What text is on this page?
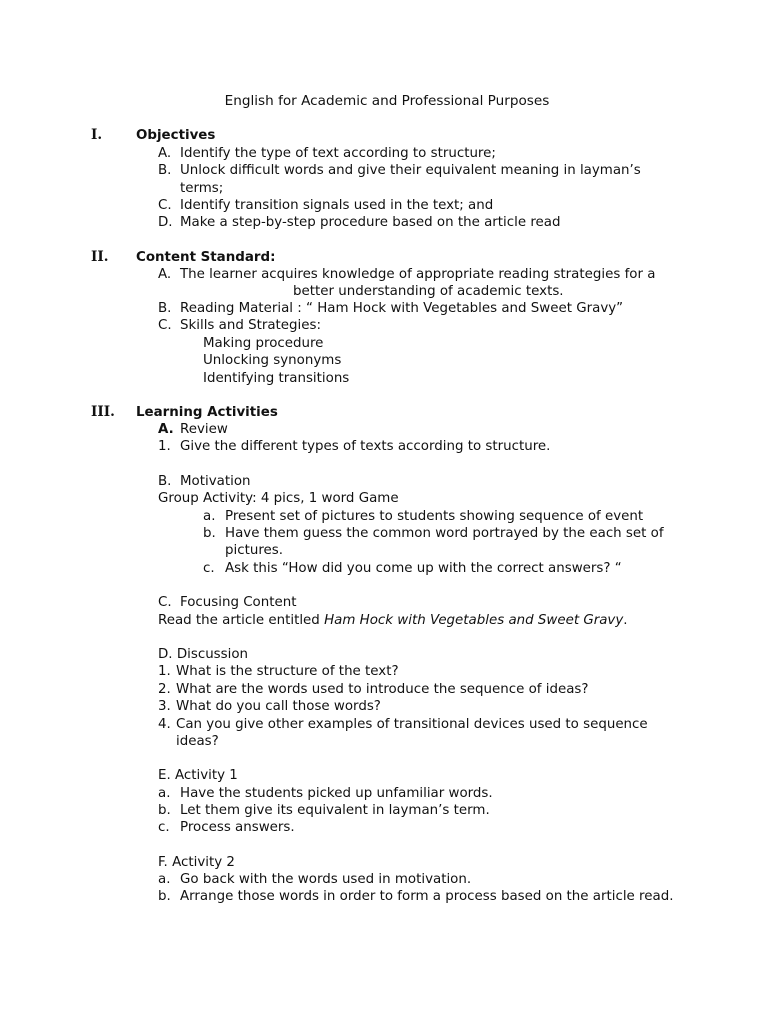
English for Academic and Professional Purposes
I.	Objectives
A. Identify the type of text according to structure;
B. Unlock difficult words and give their equivalent meaning in layman’s
terms;
C. Identify transition signals used in the text; and
D. Make a step-by-step procedure based on the article read
II. Content Standard:
A. The learner acquires knowledge of appropriate reading strategies for a
better understanding of academic texts.
B. Reading Material : “ Ham Hock with Vegetables and Sweet Gravy”
C. Skills and Strategies:
Making procedure
Unlocking synonyms
Identifying transitions
III. Learning Activities
A. Review
1. Give the different types of texts according to structure.
B. Motivation
Group Activity: 4 pics, 1 word Game
a. Present set of pictures to students showing sequence of event
b. Have them guess the common word portrayed by the each set of
pictures.
c. Ask this “How did you come up with the correct answers? “
C. Focusing Content
Read the article entitled Ham Hock with Vegetables and Sweet Gravy.
D. Discussion
1. What is the structure of the text?
2. What are the words used to introduce the sequence of ideas?
3. What do you call those words?
4. Can you give other examples of transitional devices used to sequence
ideas?
E. Activity 1
a. Have the students picked up unfamiliar words.
b. Let them give its equivalent in layman’s term.
c. Process answers.
F. Activity 2
a. Go back with the words used in motivation.
b. Arrange those words in order to form a process based on the article read.
